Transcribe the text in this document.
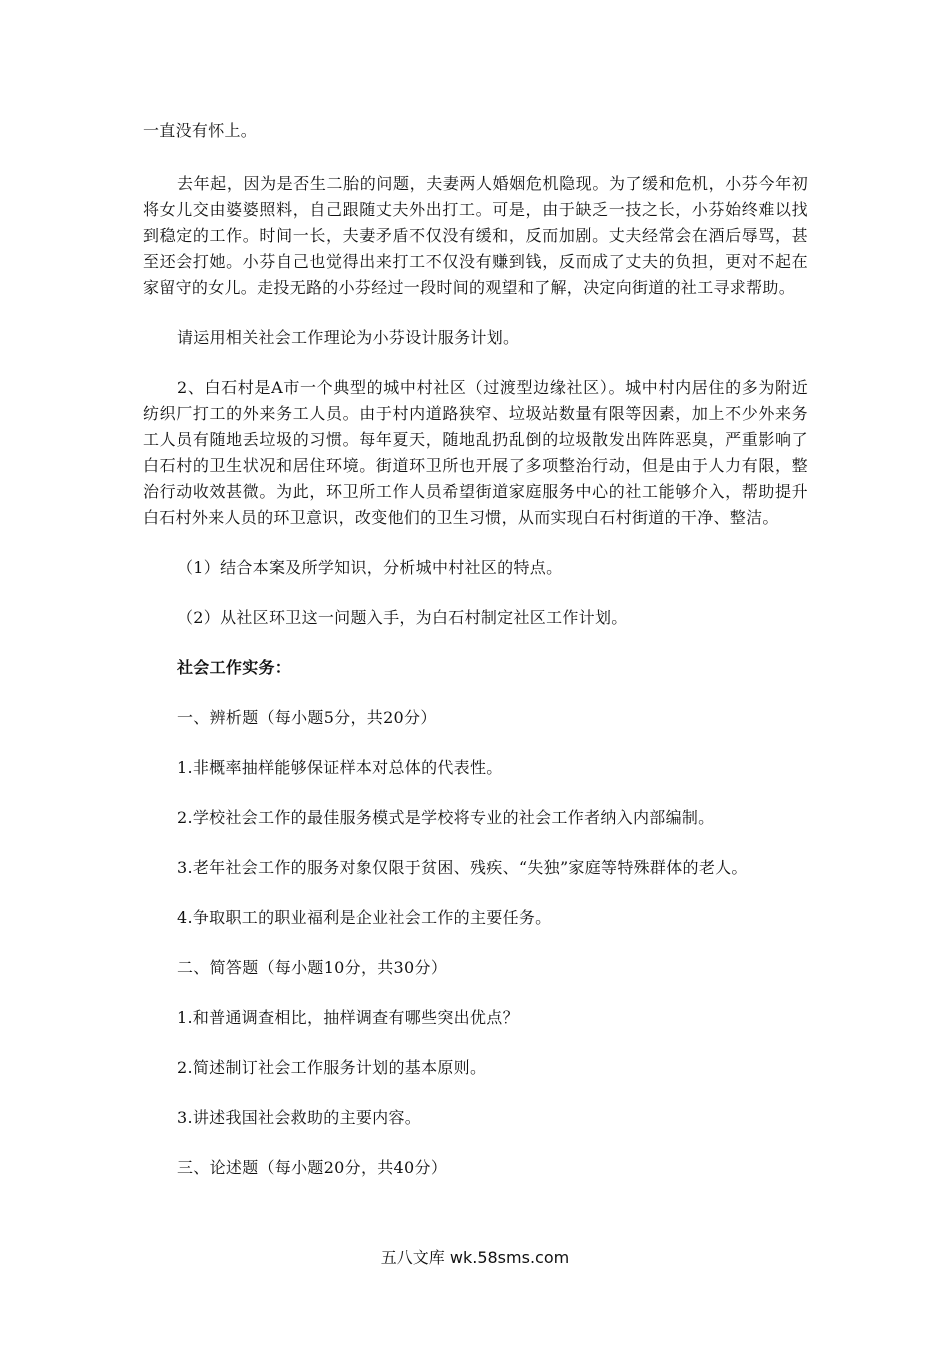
一直没有怀上。

去年起，因为是否生二胎的问题，夫妻两人婚姻危机隐现。为了缓和危机，小芬今年初将女儿交由婆婆照料，自己跟随丈夫外出打工。可是，由于缺乏一技之长，小芬始终难以找到稳定的工作。时间一长，夫妻矛盾不仅没有缓和，反而加剧。丈夫经常会在酒后辱骂，甚至还会打她。小芬自己也觉得出来打工不仅没有赚到钱，反而成了丈夫的负担，更对不起在家留守的女儿。走投无路的小芬经过一段时间的观望和了解，决定向街道的社工寻求帮助。

请运用相关社会工作理论为小芬设计服务计划。

2、白石村是A市一个典型的城中村社区（过渡型边缘社区）。城中村内居住的多为附近纺织厂打工的外来务工人员。由于村内道路狭窄、垃圾站数量有限等因素，加上不少外来务工人员有随地丢垃圾的习惯。每年夏天，随地乱扔乱倒的垃圾散发出阵阵恶臭，严重影响了白石村的卫生状况和居住环境。街道环卫所也开展了多项整治行动，但是由于人力有限，整治行动收效甚微。为此，环卫所工作人员希望街道家庭服务中心的社工能够介入，帮助提升白石村外来人员的环卫意识，改变他们的卫生习惯，从而实现白石村街道的干净、整洁。

（1）结合本案及所学知识，分析城中村社区的特点。

（2）从社区环卫这一问题入手，为白石村制定社区工作计划。

社会工作实务：

一、辨析题（每小题5分，共20分）

1.非概率抽样能够保证样本对总体的代表性。

2.学校社会工作的最佳服务模式是学校将专业的社会工作者纳入内部编制。

3.老年社会工作的服务对象仅限于贫困、残疾、“失独”家庭等特殊群体的老人。

4.争取职工的职业福利是企业社会工作的主要任务。

二、简答题（每小题10分，共30分）

1.和普通调查相比，抽样调查有哪些突出优点？

2.简述制订社会工作服务计划的基本原则。

3.讲述我国社会救助的主要内容。

三、论述题（每小题20分，共40分）

五八文库 wk.58sms.com
